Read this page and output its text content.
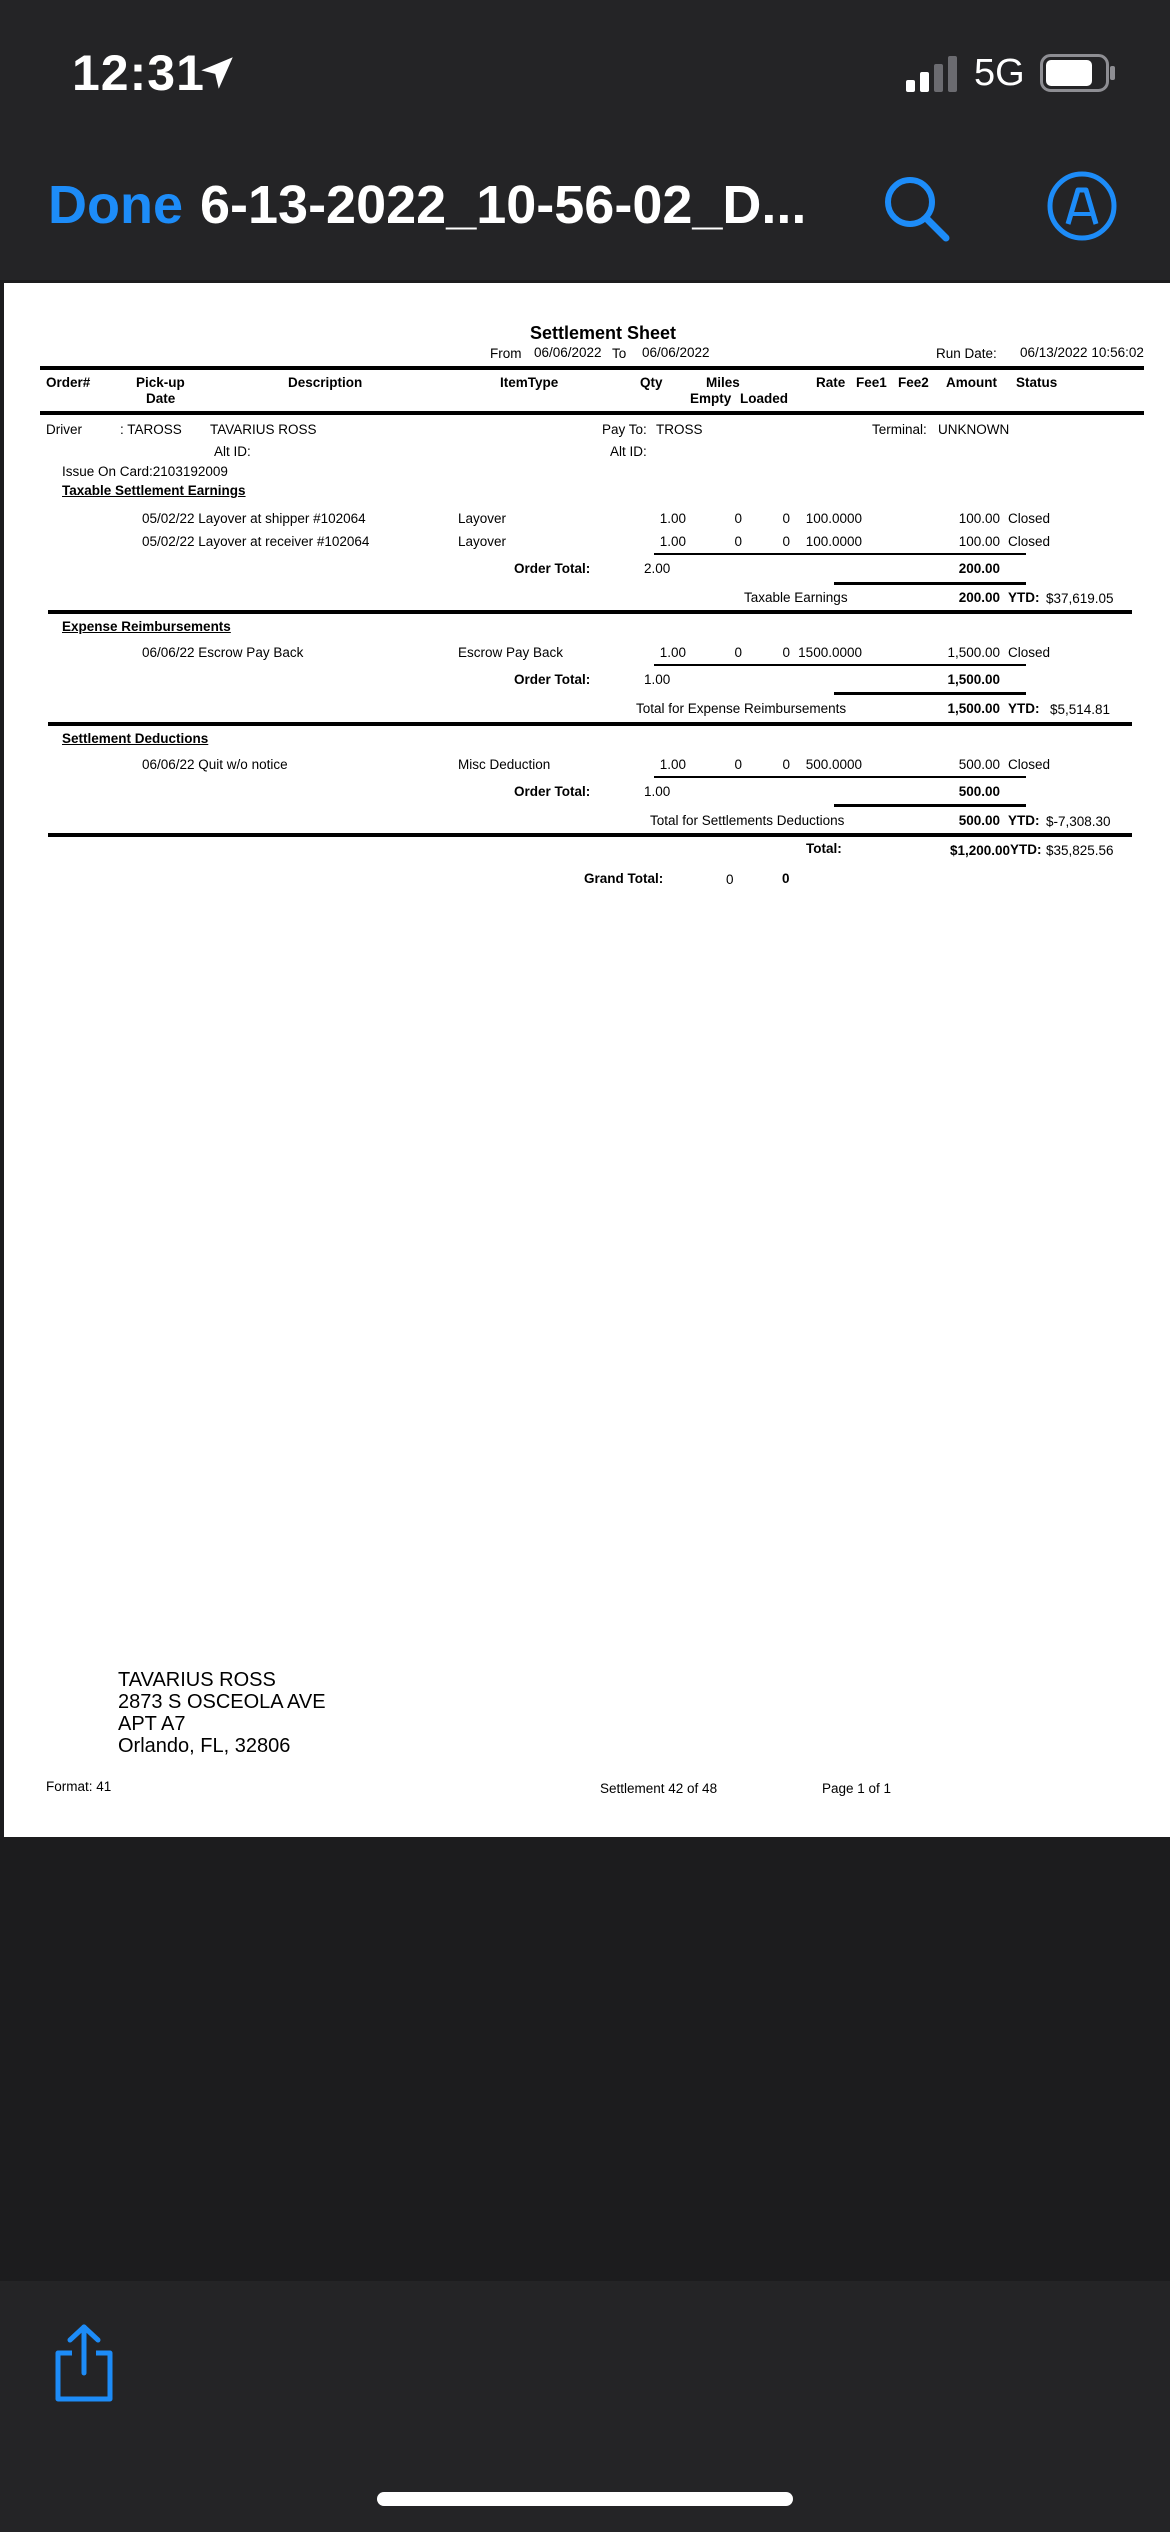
12:31	5G
Done 6-13-2022_10-56-02_D...
Settlement Sheet
From 06/06/2022 To 06/06/2022	Run Date: 06/13/2022 10:56:02
Order#	Pick-up
Date
Description	ItemType	Qty	Miles
Empty Loaded
Rate Fee1 Fee2 Amount Status
Driver	: TAROSS TAVARIUS ROSS
Alt ID:
Pay To: TROSS
Alt ID:
Terminal: UNKNOWN
Issue On Card:2103192009
Taxable Settlement Earnings
05/02/22 Layover at shipper #102064	Layover	1.00	0	0	100.0000	100.00 Closed
05/02/22 Layover at receiver #102064	Layover	1.00	0	0	100.0000	100.00 Closed
Order Total:	2.00	200.00
Taxable Earnings	200.00 YTD: $37,619.05
Expense Reimbursements
06/06/22 Escrow Pay Back	Escrow Pay Back	1.00	0	0 1500.0000	1,500.00 Closed
Order Total:	1.00	1,500.00
Total for Expense Reimbursements	1,500.00 YTD: $5,514.81
Settlement Deductions
06/06/22 Quit w/o notice	Misc Deduction	1.00	0	0	500.0000	500.00 Closed
Order Total:	1.00	500.00
Total for Settlements Deductions	500.00 YTD: $-7,308.30
Total:	$1,200.00 YTD: $35,825.56
Grand Total:	0	0
TAVARIUS ROSS
2873 S OSCEOLA AVE
APT A7
Orlando, FL, 32806
Format: 41	Settlement 42 of 48	Page 1 of 1
